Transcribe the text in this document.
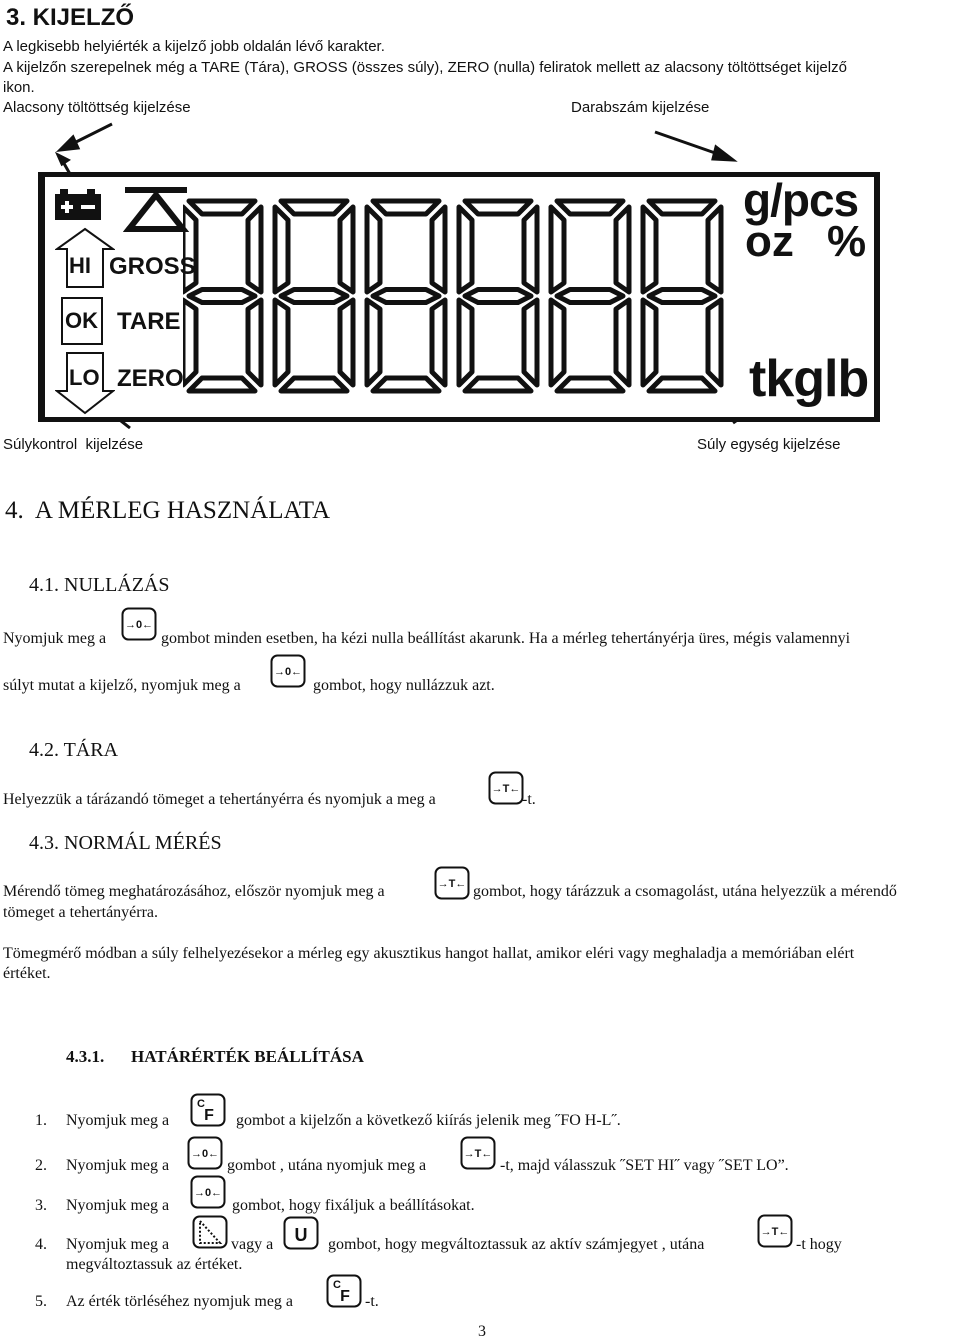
3. KIJELZŐ
A legkisebb helyiérték a kijelző jobb oldalán lévő karakter.
A kijelzőn szerepelnek még a TARE (Tára), GROSS (összes súly), ZERO (nulla) feliratok mellett az alacsony töltöttséget kijelző
ikon.
Alacsony töltöttség kijelzése	Darabszám kijelzése
HI GROSS
OK TARE
LO ZERO
g/pcs
oz %
tkglb
Súlykontrol  kijelzése	Súly egység kijelzése
4.  A MÉRLEG HASZNÁLATA
4.1. NULLÁZÁS
Nyomjuk meg a
→0←
gombot minden esetben, ha kézi nulla beállítást akarunk. Ha a mérleg tehertányérja üres, mégis valamennyi
súlyt mutat a kijelző, nyomjuk meg a
→0←
gombot, hogy nullázzuk azt.
4.2. TÁRA
Helyezzük a tárázandó tömeget a tehertányérra és nyomjuk a meg a
→T←
-t.
4.3. NORMÁL MÉRÉS
Mérendő tömeg meghatározásához, először nyomjuk meg a	→T← gombot, hogy tárázzuk a csomagolást, utána helyezzük a mérendő
tömeget a tehertányérra.
Tömegmérő módban a súly felhelyezésekor a mérleg egy akusztikus hangot hallat, amikor eléri vagy meghaladja a memóriában elért
értéket.
4.3.1. HATÁRÉRTÉK BEÁLLÍTÁSA
1. Nyomjuk meg a
C
F gombot a kijelzőn a következő kiírás jelenik meg ˝FO H-L˝.
2. Nyomjuk meg a
→0←
gombot , utána nyomjuk meg a
→T←
-t, majd válasszuk ˝SET HI˝ vagy ˝SET LO”.
3. Nyomjuk meg a
→0←
gombot, hogy fixáljuk a beállításokat.
4. Nyomjuk meg a	vagy a U gombot, hogy megváltoztassuk az aktív számjegyet , utána
→T←
-t hogy
megváltoztassuk az értéket.
5. Az érték törléséhez nyomjuk meg a
C
F -t.
3
